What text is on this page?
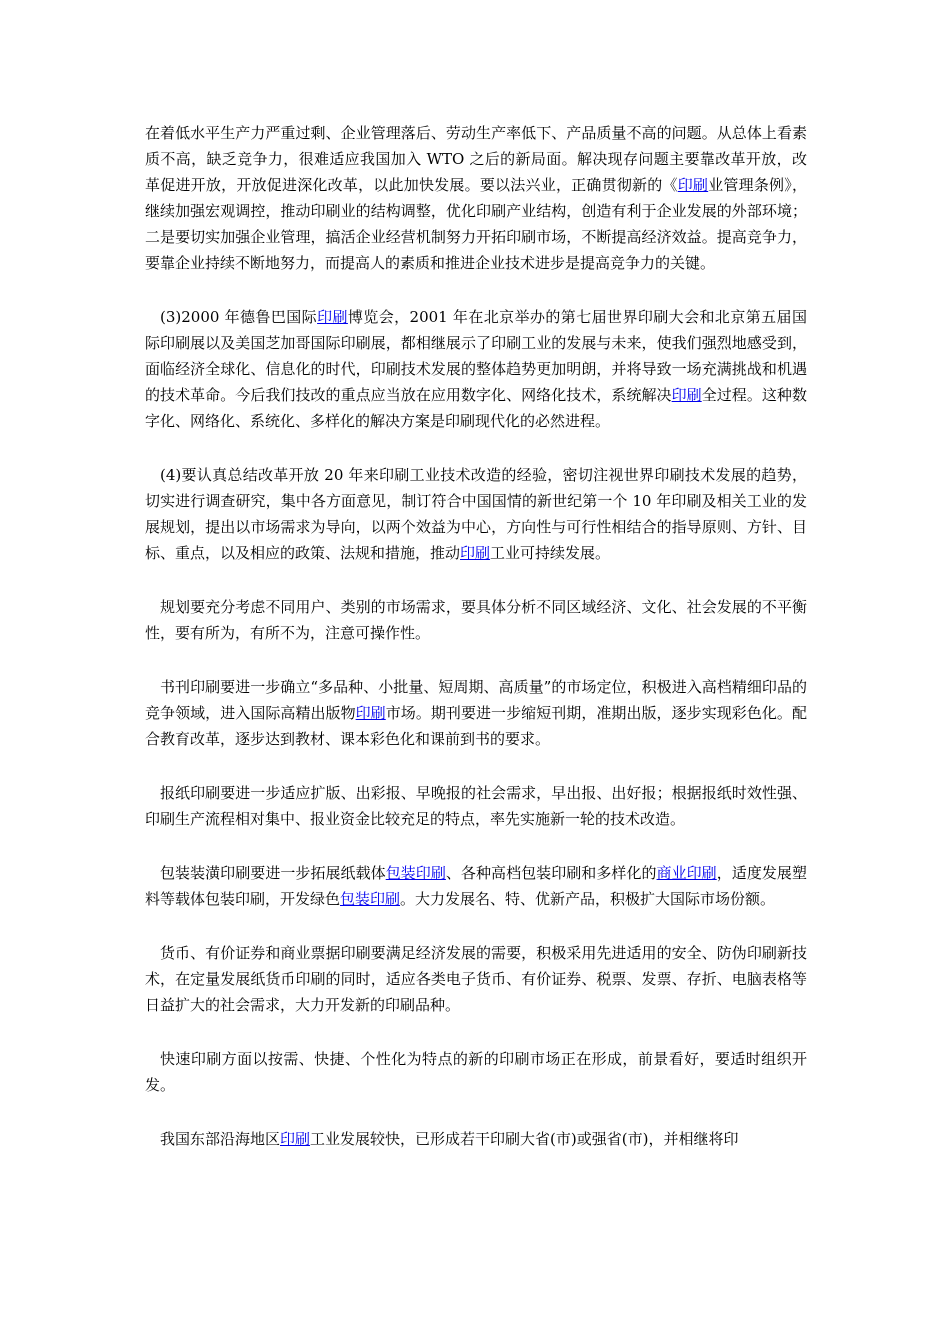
在着低水平生产力严重过剩、企业管理落后、劳动生产率低下、产品质量不高的问题。从总体上看素质不高，缺乏竞争力，很难适应我国加入 WTO 之后的新局面。解决现存问题主要靠改革开放，改革促进开放，开放促进深化改革，以此加快发展。要以法兴业，正确贯彻新的《印刷业管理条例》，继续加强宏观调控，推动印刷业的结构调整，优化印刷产业结构，创造有利于企业发展的外部环境；二是要切实加强企业管理，搞活企业经营机制努力开拓印刷市场，不断提高经济效益。提高竞争力，要靠企业持续不断地努力，而提高人的素质和推进企业技术进步是提高竞争力的关键。

(3)2000 年德鲁巴国际印刷博览会，2001 年在北京举办的第七届世界印刷大会和北京第五届国际印刷展以及美国芝加哥国际印刷展，都相继展示了印刷工业的发展与未来，使我们强烈地感受到，面临经济全球化、信息化的时代，印刷技术发展的整体趋势更加明朗，并将导致一场充满挑战和机遇的技术革命。今后我们技改的重点应当放在应用数字化、网络化技术，系统解决印刷全过程。这种数字化、网络化、系统化、多样化的解决方案是印刷现代化的必然进程。

(4)要认真总结改革开放 20 年来印刷工业技术改造的经验，密切注视世界印刷技术发展的趋势，切实进行调查研究，集中各方面意见，制订符合中国国情的新世纪第一个 10 年印刷及相关工业的发展规划，提出以市场需求为导向，以两个效益为中心，方向性与可行性相结合的指导原则、方针、目标、重点，以及相应的政策、法规和措施，推动印刷工业可持续发展。

规划要充分考虑不同用户、类别的市场需求，要具体分析不同区域经济、文化、社会发展的不平衡性，要有所为，有所不为，注意可操作性。

书刊印刷要进一步确立“多品种、小批量、短周期、高质量”的市场定位，积极进入高档精细印品的竞争领域，进入国际高精出版物印刷市场。期刊要进一步缩短刊期，准期出版，逐步实现彩色化。配合教育改革，逐步达到教材、课本彩色化和课前到书的要求。

报纸印刷要进一步适应扩版、出彩报、早晚报的社会需求，早出报、出好报；根据报纸时效性强、印刷生产流程相对集中、报业资金比较充足的特点，率先实施新一轮的技术改造。

包装装潢印刷要进一步拓展纸载体包装印刷、各种高档包装印刷和多样化的商业印刷，适度发展塑料等载体包装印刷，开发绿色包装印刷。大力发展名、特、优新产品，积极扩大国际市场份额。

货币、有价证券和商业票据印刷要满足经济发展的需要，积极采用先进适用的安全、防伪印刷新技术，在定量发展纸货币印刷的同时，适应各类电子货币、有价证券、税票、发票、存折、电脑表格等日益扩大的社会需求，大力开发新的印刷品种。

快速印刷方面以按需、快捷、个性化为特点的新的印刷市场正在形成，前景看好，要适时组织开发。

我国东部沿海地区印刷工业发展较快，已形成若干印刷大省(市)或强省(市)，并相继将印
